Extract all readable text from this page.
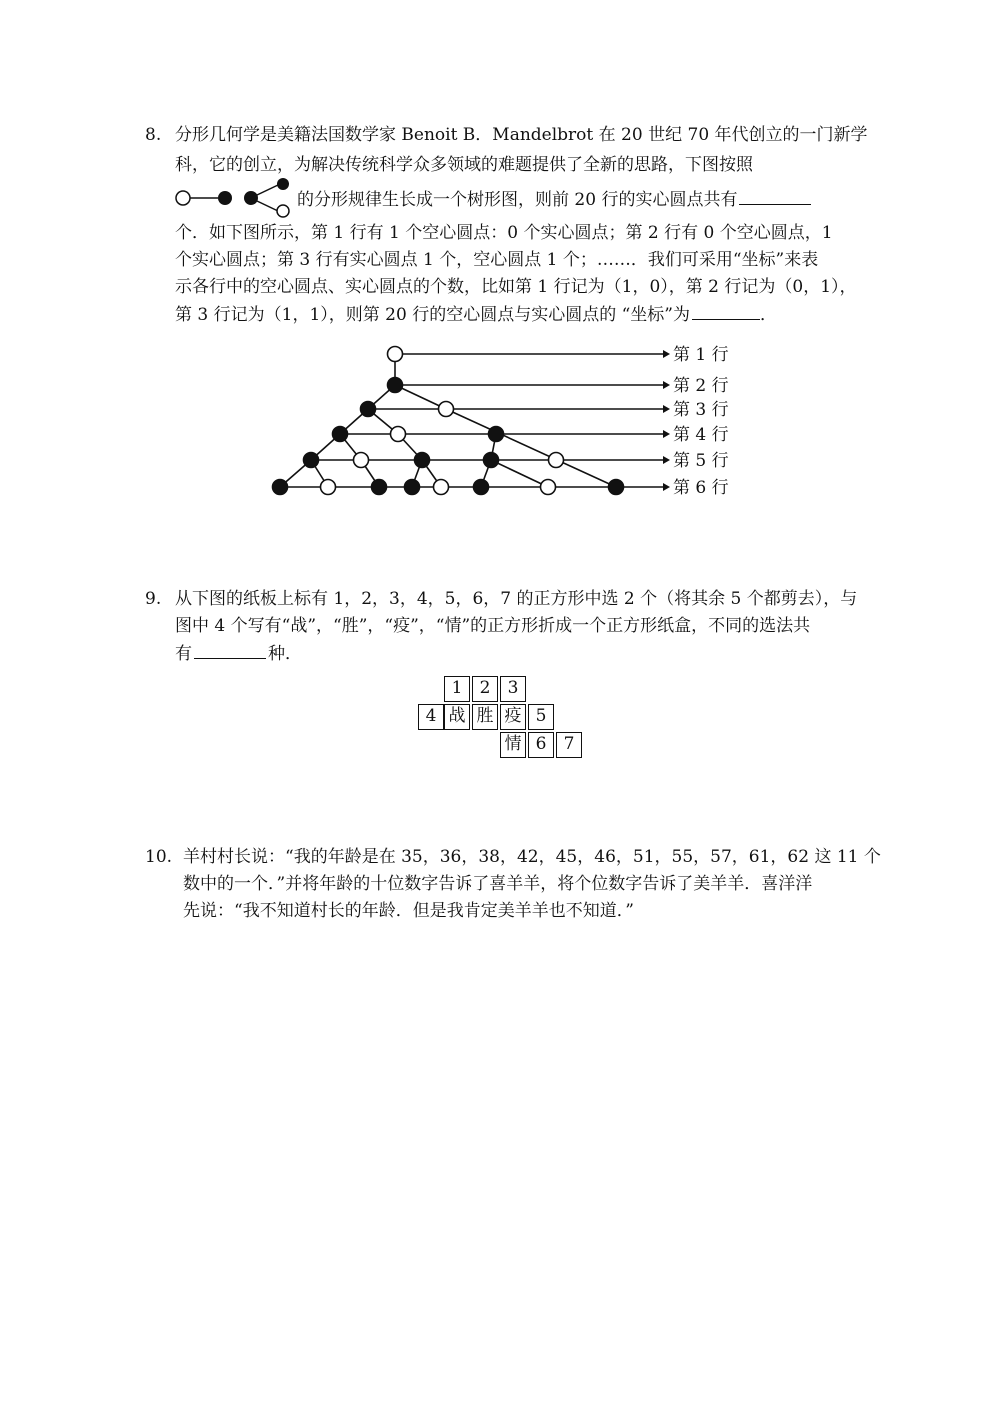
8. 分形几何学是美籍法国数学家 Benoit B．Mandelbrot 在 20 世纪 70 年代创立的一门新学
科，它的创立，为解决传统科学众多领域的难题提供了全新的思路，下图按照
的分形规律生长成一个树形图，则前 20 行的实心圆点共有
个．如下图所示，第 1 行有 1 个空心圆点：0 个实心圆点；第 2 行有 0 个空心圆点，1
个实心圆点；第 3 行有实心圆点 1 个，空心圆点 1 个；……．我们可采用“坐标”来表
示各行中的空心圆点、实心圆点的个数，比如第 1 行记为（1，0），第 2 行记为（0，1），
第 3 行记为（1，1），则第 20 行的空心圆点与实心圆点的 “坐标”为	．
第 1 行
第 2 行
第 3 行
第 4 行
第 5 行
第 6 行
9. 从下图的纸板上标有 1，2，3，4，5，6，7 的正方形中选 2 个（将其余 5 个都剪去），与
图中 4 个写有“战”，“胜”，“疫”，“情”的正方形折成一个正方形纸盒，不同的选法共
有	种．
1	2	3
4 战 胜 疫 5
情 6	7
10. 羊村村长说：“我的年龄是在 35，36，38，42，45，46，51，55，57，61，62 这 11 个
数中的一个．”并将年龄的十位数字告诉了喜羊羊，将个位数字告诉了美羊羊．喜洋洋
先说：“我不知道村长的年龄．但是我肯定美羊羊也不知道．”
